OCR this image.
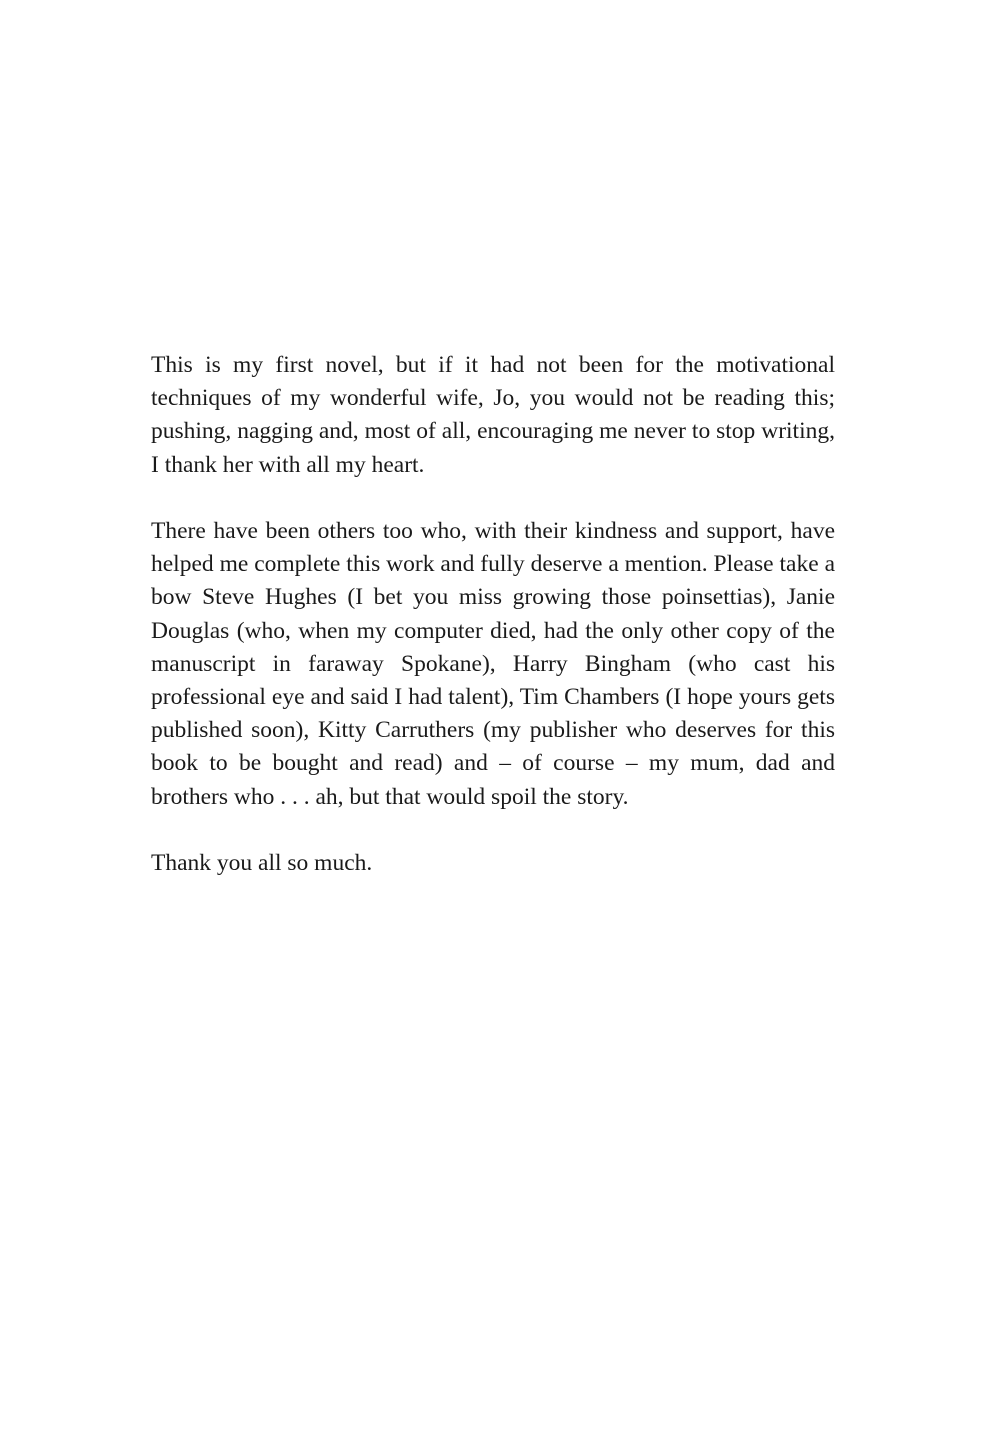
This is my first novel, but if it had not been for the motivational techniques of my wonderful wife, Jo, you would not be reading this; pushing, nagging and, most of all, encouraging me never to stop writing, I thank her with all my heart.

There have been others too who, with their kindness and support, have helped me complete this work and fully deserve a mention. Please take a bow Steve Hughes (I bet you miss growing those poinsettias), Janie Douglas (who, when my computer died, had the only other copy of the manuscript in faraway Spokane), Harry Bingham (who cast his professional eye and said I had talent), Tim Chambers (I hope yours gets published soon), Kitty Carruthers (my publisher who deserves for this book to be bought and read) and – of course – my mum, dad and brothers who . . . ah, but that would spoil the story.

Thank you all so much.
